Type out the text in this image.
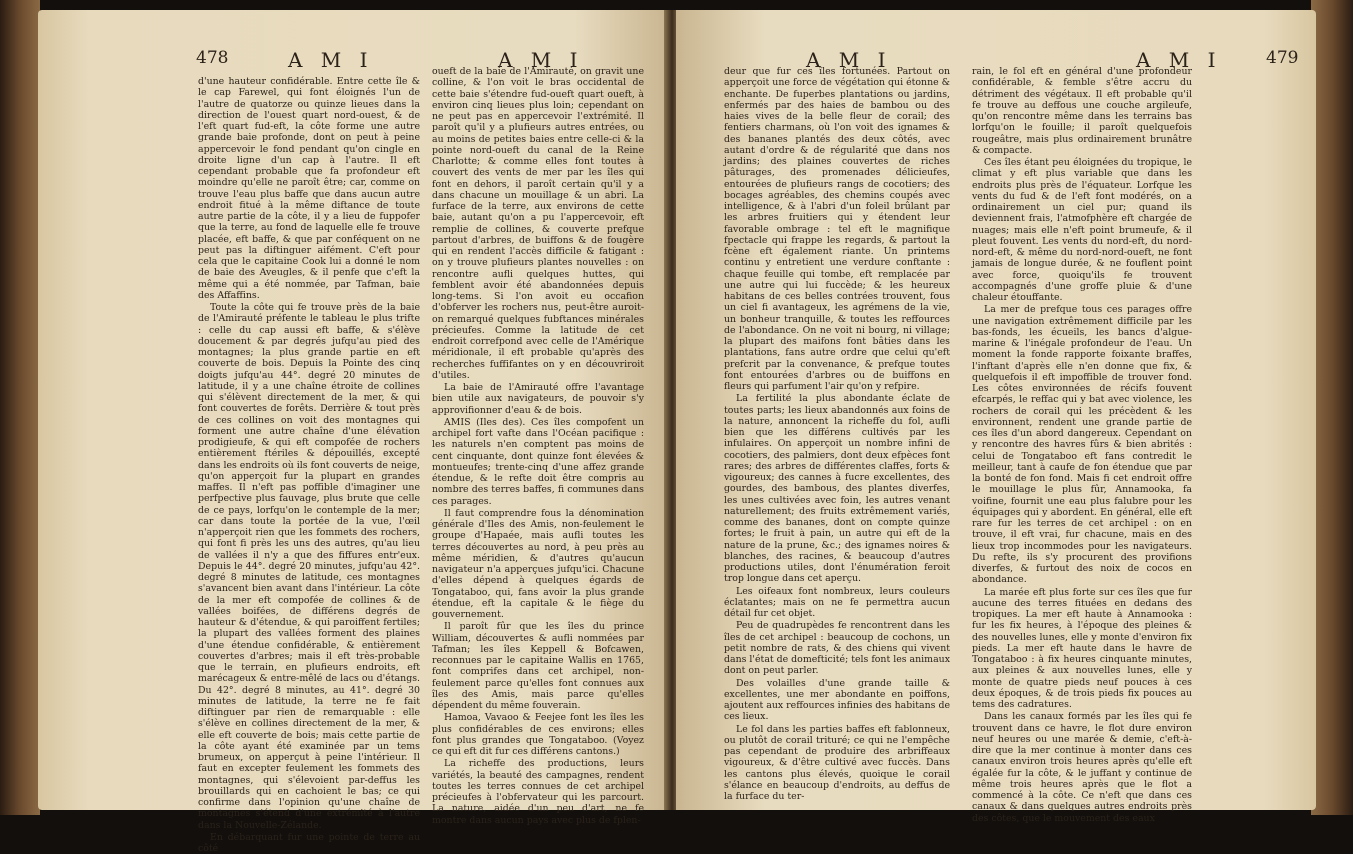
478	A M I	A M I

d'une hauteur confidérable. Entre cette île & le cap Farewel, qui font éloignés l'un de l'autre de quatorze ou quinze lieues dans la direction de l'ouest quart nord-ouest, & de l'eft quart fud-eft, la côte forme une autre grande baie profonde, dont on peut à peine appercevoir le fond pendant qu'on cingle en droite ligne d'un cap à l'autre. Il eft cependant probable que fa profondeur eft moindre qu'elle ne paroît être; car, comme on trouve l'eau plus baffe que dans aucun autre endroit fitué à la même diftance de toute autre partie de la côte, il y a lieu de fuppofer que la terre, au fond de laquelle elle fe trouve placée, eft baffe, & que par conféquent on ne peut pas la diftinguer aifément. C'eft pour cela que le capitaine Cook lui a donné le nom de baie des Aveugles, & il penfe que c'eft la même qui a été nommée, par Tafman, baie des Affaffins.

Toute la côte qui fe trouve près de la baie de l'Amirauté préfente le tableau le plus trifte : celle du cap aussi eft baffe, & s'élève doucement & par degrés jufqu'au pied des montagnes; la plus grande partie en eft couverte de bois. Depuis la Pointe des cinq doigts jufqu'au 44°. degré 20 minutes de latitude, il y a une chaîne étroite de collines qui s'élèvent directement de la mer, & qui font couvertes de forêts. Derrière & tout près de ces collines on voit des montagnes qui forment une autre chaîne d'une élévation prodigieufe, & qui eft compofée de rochers entièrement ftériles & dépouillés, excepté dans les endroits où ils font couverts de neige, qu'on apperçoit fur la plupart en grandes maffes. Il n'eft pas poffible d'imaginer une perfpective plus fauvage, plus brute que celle de ce pays, lorfqu'on le contemple de la mer; car dans toute la portée de la vue, l'œil n'apperçoit rien que les fommets des rochers, qui font fi près les uns des autres, qu'au lieu de vallées il n'y a que des fiffures entr'eux. Depuis le 44°. degré 20 minutes, jufqu'au 42°. degré 8 minutes de latitude, ces montagnes s'avancent bien avant dans l'intérieur. La côte de la mer eft compofée de collines & de vallées boifées, de différens degrés de hauteur & d'étendue, & qui paroiffent fertiles; la plupart des vallées forment des plaines d'une étendue confidérable, & entièrement couvertes d'arbres; mais il eft très-probable que le terrain, en plufieurs endroits, eft marécageux & entre-mêlé de lacs ou d'étangs. Du 42°. degré 8 minutes, au 41°. degré 30 minutes de latitude, la terre ne fe fait diftinguer par rien de remarquable : elle s'élève en collines directement de la mer, & elle eft couverte de bois; mais cette partie de la côte ayant été examinée par un tems brumeux, on apperçut à peine l'intérieur. Il faut en excepter feulement les fommets des montagnes, qui s'élevoient par-deffus les brouillards qui en cachoient le bas; ce qui confirme dans l'opinion qu'une chaîne de montagnes s'étend d'une extrémité à l'autre dans la Nouvelle-Zélande.

En débarquant fur une pointe de terre au côté

oueft de la baie de l'Amirauté, on gravit une colline, & l'on voit le bras occidental de cette baie s'étendre fud-oueft quart oueft, à environ cinq lieues plus loin; cependant on ne peut pas en appercevoir l'extrémité. Il paroît qu'il y a plufieurs autres entrées, ou au moins de petites baies entre celle-ci & la pointe nord-oueft du canal de la Reine Charlotte; & comme elles font toutes à couvert des vents de mer par les îles qui font en dehors, il paroît certain qu'il y a dans chacune un mouillage & un abri. La furface de la terre, aux environs de cette baie, autant qu'on a pu l'appercevoir, eft remplie de collines, & couverte prefque partout d'arbres, de buiffons & de fougère qui en rendent l'accès difficile & fatigant : on y trouve plufieurs plantes nouvelles : on rencontre aufli quelques huttes, qui femblent avoir été abandonnées depuis long-tems. Si l'on avoit eu occafion d'obferver les rochers nus, peut-être auroit-on remarqué quelques fubftances minérales précieufes. Comme la latitude de cet endroit correfpond avec celle de l'Amérique méridionale, il eft probable qu'après des recherches fuffifantes on y en découvriroit d'utiles.

La baie de l'Amirauté offre l'avantage bien utile aux navigateurs, de pouvoir s'y approvifionner d'eau & de bois.

AMIS (Iles des). Ces îles compofent un archipel fort vafte dans l'Océan pacifique : les naturels n'en comptent pas moins de cent cinquante, dont quinze font élevées & montueufes; trente-cinq d'une affez grande étendue, & le refte doit être compris au nombre des terres baffes, fi communes dans ces parages.

Il faut comprendre fous la dénomination générale d'Iles des Amis, non-feulement le groupe d'Hapaée, mais aufli toutes les terres découvertes au nord, à peu près au même méridien, & d'autres qu'aucun navigateur n'a apperçues jufqu'ici. Chacune d'elles dépend à quelques égards de Tongataboo, qui, fans avoir la plus grande étendue, eft la capitale & le fiège du gouvernement.

Il paroît fûr que les îles du prince William, découvertes & aufli nommées par Tafman; les îles Keppell & Bofcawen, reconnues par le capitaine Wallis en 1765, font comprifes dans cet archipel, non-feulement parce qu'elles font connues aux îles des Amis, mais parce qu'elles dépendent du même fouverain.

Hamoa, Vavaoo & Feejee font les îles les plus confidérables de ces environs; elles font plus grandes que Tongataboo. (Voyez ce qui eft dit fur ces différens cantons.)

La richeffe des productions, leurs variétés, la beauté des campagnes, rendent toutes les terres connues de cet archipel précieufes à l'obfervateur qui les parcourt. La nature, aidée d'un peu d'art, ne fe montre dans aucun pays avec plus de fplen-

A M I	A M I	479

deur que fur ces îles fortunées. Partout on apperçoit une force de végétation qui étonne & enchante. De fuperbes plantations ou jardins, enfermés par des haies de bambou ou des haies vives de la belle fleur de corail; des fentiers charmans, où l'on voit des ignames & des bananes plantés des deux côtés, avec autant d'ordre & de régularité que dans nos jardins; des plaines couvertes de riches pâturages, des promenades délicieufes, entourées de plufieurs rangs de cocotiers; des bocages agréables, des chemins coupés avec intelligence, & à l'abri d'un foleil brûlant par les arbres fruitiers qui y étendent leur favorable ombrage : tel eft le magnifique fpectacle qui frappe les regards, & partout la fcène eft également riante. Un printems continu y entretient une verdure conftante : chaque feuille qui tombe, eft remplacée par une autre qui lui fuccède; & les heureux habitans de ces belles contrées trouvent, fous un ciel fi avantageux, les agrémens de la vie, un bonheur tranquille, & toutes les reffources de l'abondance. On ne voit ni bourg, ni village; la plupart des maifons font bâties dans les plantations, fans autre ordre que celui qu'eft prefcrit par la convenance, & prefque toutes font entourées d'arbres ou de buiffons en fleurs qui parfument l'air qu'on y refpire.

La fertilité la plus abondante éclate de toutes parts; les lieux abandonnés aux foins de la nature, annoncent la richeffe du fol, aufli bien que les différens cultivés par les infulaires. On apperçoit un nombre infini de cocotiers, des palmiers, dont deux efpèces font rares; des arbres de différentes claffes, forts & vigoureux; des cannes à fucre excellentes, des gourdes, des bambous, des plantes diverfes, les unes cultivées avec foin, les autres venant naturellement; des fruits extrêmement variés, comme des bananes, dont on compte quinze fortes; le fruit à pain, un autre qui eft de la nature de la prune, &c.; des ignames noires & blanches, des racines, & beaucoup d'autres productions utiles, dont l'énumération feroit trop longue dans cet aperçu.

Les oifeaux font nombreux, leurs couleurs éclatantes; mais on ne fe permettra aucun détail fur cet objet.

Peu de quadrupèdes fe rencontrent dans les îles de cet archipel : beaucoup de cochons, un petit nombre de rats, & des chiens qui vivent dans l'état de domefticité; tels font les animaux dont on peut parler.

Des volailles d'une grande taille & excellentes, une mer abondante en poiffons, ajoutent aux reffources infinies des habitans de ces lieux.

Le fol dans les parties baffes eft fablonneux, ou plutôt de corail trituré; ce qui ne l'empêche pas cependant de produire des arbriffeaux vigoureux, & d'être cultivé avec fuccès. Dans les cantons plus élevés, quoique le corail s'élance en beaucoup d'endroits, au deffus de la furface du ter-

rain, le fol eft en général d'une profondeur confidérable, & femble s'être accru du détriment des végétaux. Il eft probable qu'il fe trouve au deffous une couche argileufe, qu'on rencontre même dans les terrains bas lorfqu'on le fouille; il paroît quelquefois rougeâtre, mais plus ordinairement brunâtre & compacte.

Ces îles étant peu éloignées du tropique, le climat y eft plus variable que dans les endroits plus près de l'équateur. Lorfque les vents du fud & de l'eft font modérés, on a ordinairement un ciel pur; quand ils deviennent frais, l'atmofphère eft chargée de nuages; mais elle n'eft point brumeufe, & il pleut fouvent. Les vents du nord-eft, du nord-nord-eft, & même du nord-nord-oueft, ne font jamais de longue durée, & ne fouflent point avec force, quoiqu'ils fe trouvent accompagnés d'une groffe pluie & d'une chaleur étouffante.

La mer de prefque tous ces parages offre une navigation extrêmement difficile par les bas-fonds, les écueils, les bancs d'algue-marine & l'inégale profondeur de l'eau. Un moment la fonde rapporte foixante braffes, l'inftant d'après elle n'en donne que fix, & quelquefois il eft impoffible de trouver fond. Les côtes environnées de récifs fouvent efcarpés, le reffac qui y bat avec violence, les rochers de corail qui les précèdent & les environnent, rendent une grande partie de ces îles d'un abord dangereux. Cependant on y rencontre des havres fûrs & bien abrités : celui de Tongataboo eft fans contredit le meilleur, tant à caufe de fon étendue que par la bonté de fon fond. Mais fi cet endroit offre le mouillage le plus fûr, Annamooka, fa voifine, fournit une eau plus falubre pour les équipages qui y abordent. En général, elle eft rare fur les terres de cet archipel : on en trouve, il eft vrai, fur chacune, mais en des lieux trop incommodes pour les navigateurs. Du refte, ils s'y procurent des provifions diverfes, & furtout des noix de cocos en abondance.

La marée eft plus forte sur ces îles que fur aucune des terres fituées en dedans des tropiques. La mer eft haute à Annamooka : fur les fix heures, à l'époque des pleines & des nouvelles lunes, elle y monte d'environ fix pieds. La mer eft haute dans le havre de Tongataboo : à fix heures cinquante minutes, aux pleines & aux nouvelles lunes, elle y monte de quatre pieds neuf pouces à ces deux époques, & de trois pieds fix pouces au tems des cadratures.

Dans les canaux formés par les îles qui fe trouvent dans ce havre, le flot dure environ neuf heures ou une marée & demie, c'eft-à-dire que la mer continue à monter dans ces canaux environ trois heures après qu'elle eft égalée fur la côte, & le juffant y continue de même trois heures après que le flot a commencé à la côte. Ce n'eft que dans ces canaux & dans quelques autres endroits près des côtes, que le mouvement des eaux
